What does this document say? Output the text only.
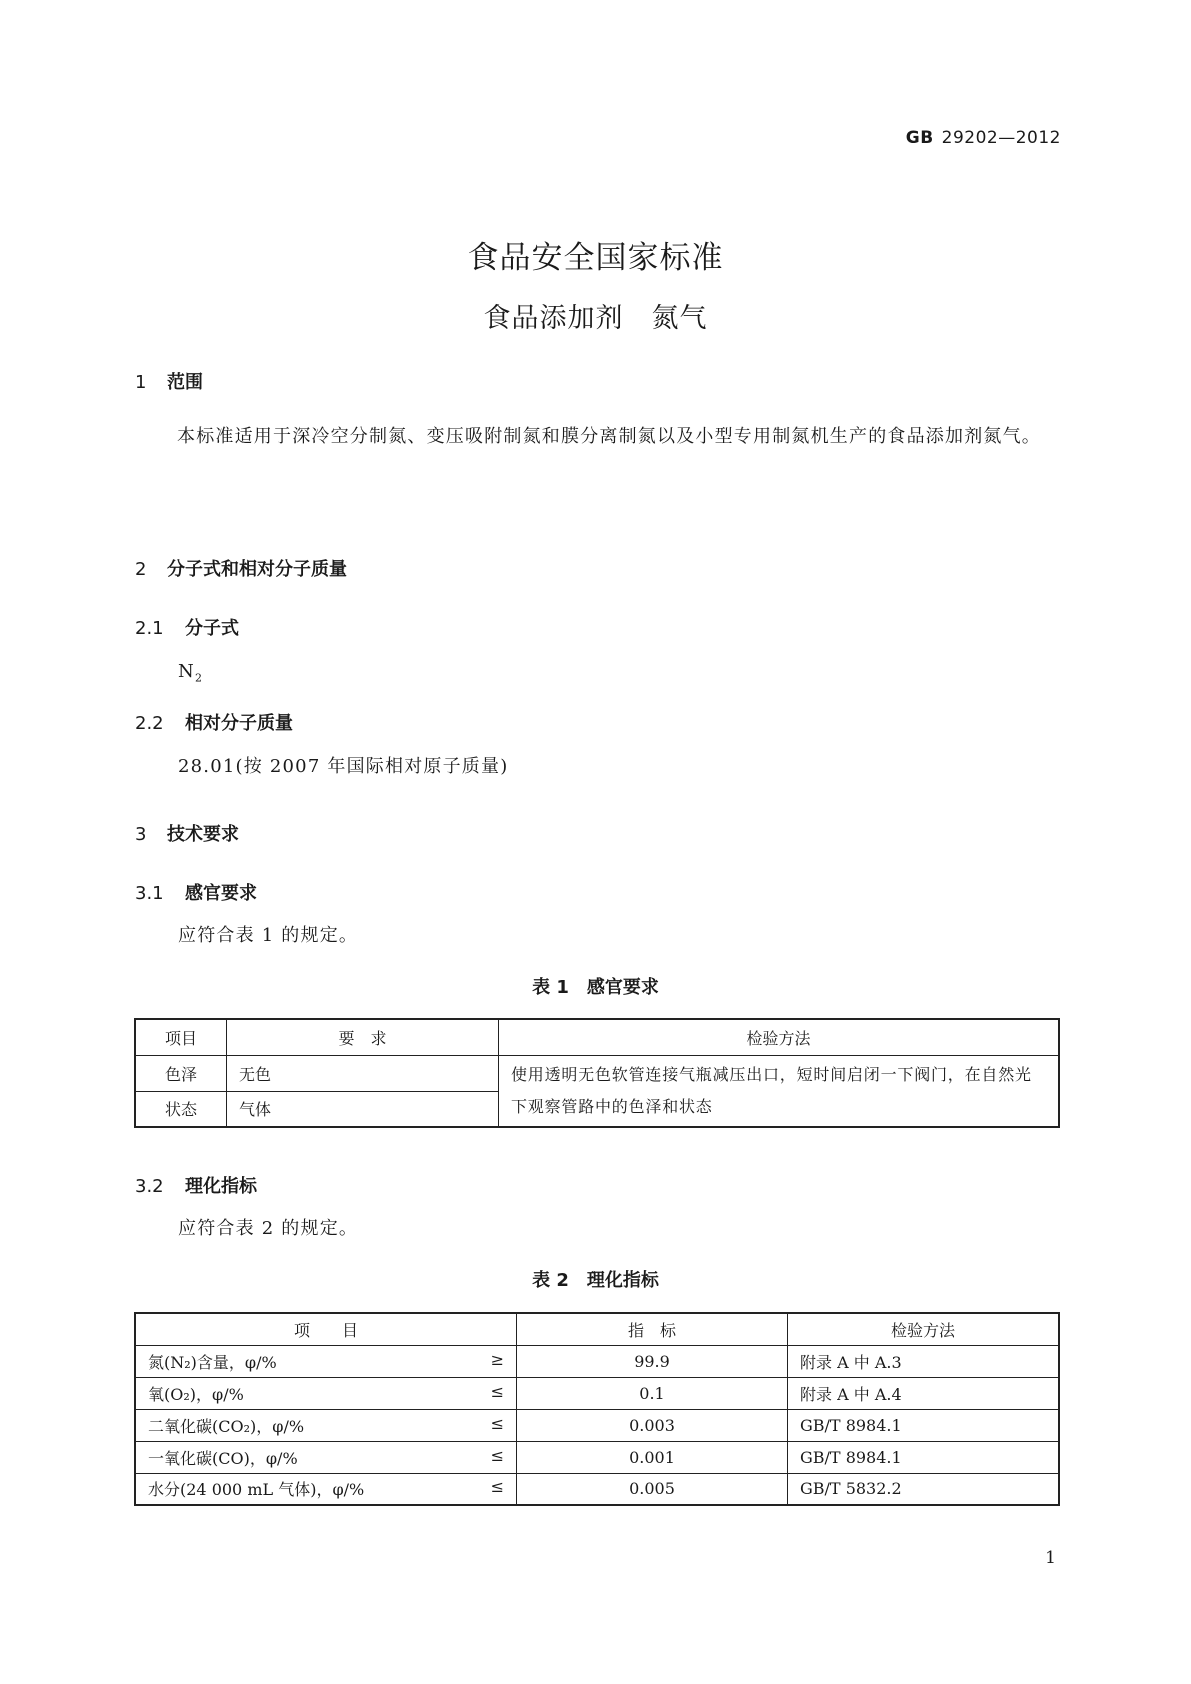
GB 29202—2012
食品安全国家标准
食品添加剂　氮气
1 范围
本标准适用于深冷空分制氮、变压吸附制氮和膜分离制氮以及小型专用制氮机生产的食品添加剂氮气。
2 分子式和相对分子质量
2.1 分子式
$N_2$
2.2 相对分子质量
28.01(按 2007 年国际相对原子质量)
3 技术要求
3.1 感官要求
应符合表 1 的规定。
表 1　感官要求
项目	要　求	检验方法
色泽	无色	使用透明无色软管连接气瓶减压出口，短时间启闭一下阀门，在自然光下观察管路中的色泽和状态
状态	气体	
3.2 理化指标
应符合表 2 的规定。
表 2　理化指标
项　　目	指　标	检验方法
氮(N₂)含量，φ/% ≥	99.9	附录 A 中 A.3
氧(O₂)，φ/% ≤	0.1	附录 A 中 A.4
二氧化碳(CO₂)，φ/% ≤	0.003	GB/T 8984.1
一氧化碳(CO)，φ/% ≤	0.001	GB/T 8984.1
水分(24 000 mL 气体)，φ/% ≤	0.005	GB/T 5832.2
1
